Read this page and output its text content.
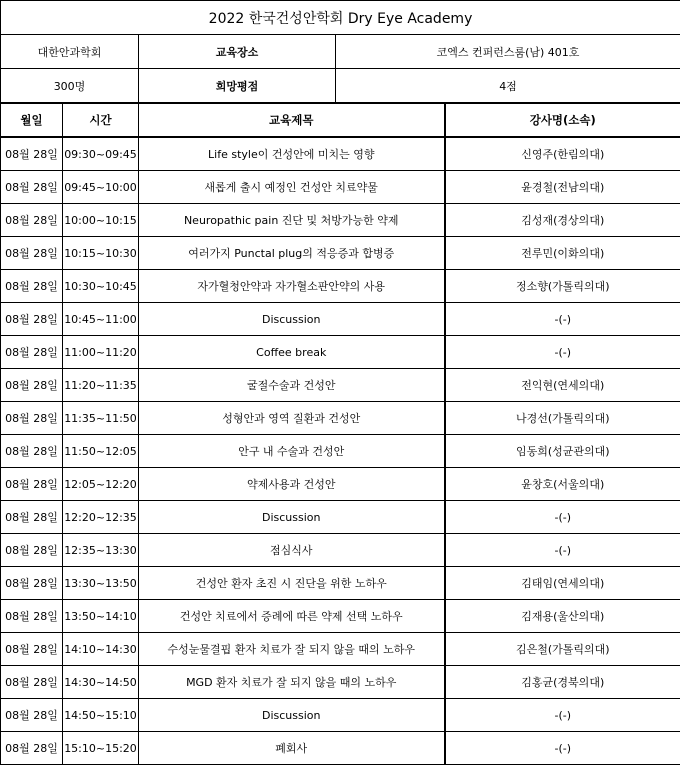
2022 한국건성안학회 Dry Eye Academy				
대한안과학회		교육장소	코엑스 컨퍼런스룸(남) 401호	
300명		희망평점	4점	
월일	시간	교육제목		강사명(소속)
08월 28일	09:30~09:45	Life style이 건성안에 미치는 영향		신영주(한림의대)
08월 28일	09:45~10:00	새롭게 출시 예정인 건성안 치료약물		윤경철(전남의대)
08월 28일	10:00~10:15	Neuropathic pain 진단 및 처방가능한 약제		김성재(경상의대)
08월 28일	10:15~10:30	여러가지 Punctal plug의 적응증과 합병증		전루민(이화의대)
08월 28일	10:30~10:45	자가혈청안약과 자가혈소판안약의 사용		정소향(가톨릭의대)
08월 28일	10:45~11:00	Discussion		-(-)
08월 28일	11:00~11:20	Coffee break		-(-)
08월 28일	11:20~11:35	굴절수술과 건성안		전익현(연세의대)
08월 28일	11:35~11:50	성형안과 영역 질환과 건성안		나경선(가톨릭의대)
08월 28일	11:50~12:05	안구 내 수술과 건성안		임동희(성균관의대)
08월 28일	12:05~12:20	약제사용과 건성안		윤창호(서울의대)
08월 28일	12:20~12:35	Discussion		-(-)
08월 28일	12:35~13:30	점심식사		-(-)
08월 28일	13:30~13:50	건성안 환자 초진 시 진단을 위한 노하우		김태임(연세의대)
08월 28일	13:50~14:10	건성안 치료에서 증례에 따른 약제 선택 노하우		김재용(울산의대)
08월 28일	14:10~14:30	수성눈물결핍 환자 치료가 잘 되지 않을 때의 노하우		김은철(가톨릭의대)
08월 28일	14:30~14:50	MGD 환자 치료가 잘 되지 않을 때의 노하우		김홍균(경북의대)
08월 28일	14:50~15:10	Discussion		-(-)
08월 28일	15:10~15:20	폐회사		-(-)
